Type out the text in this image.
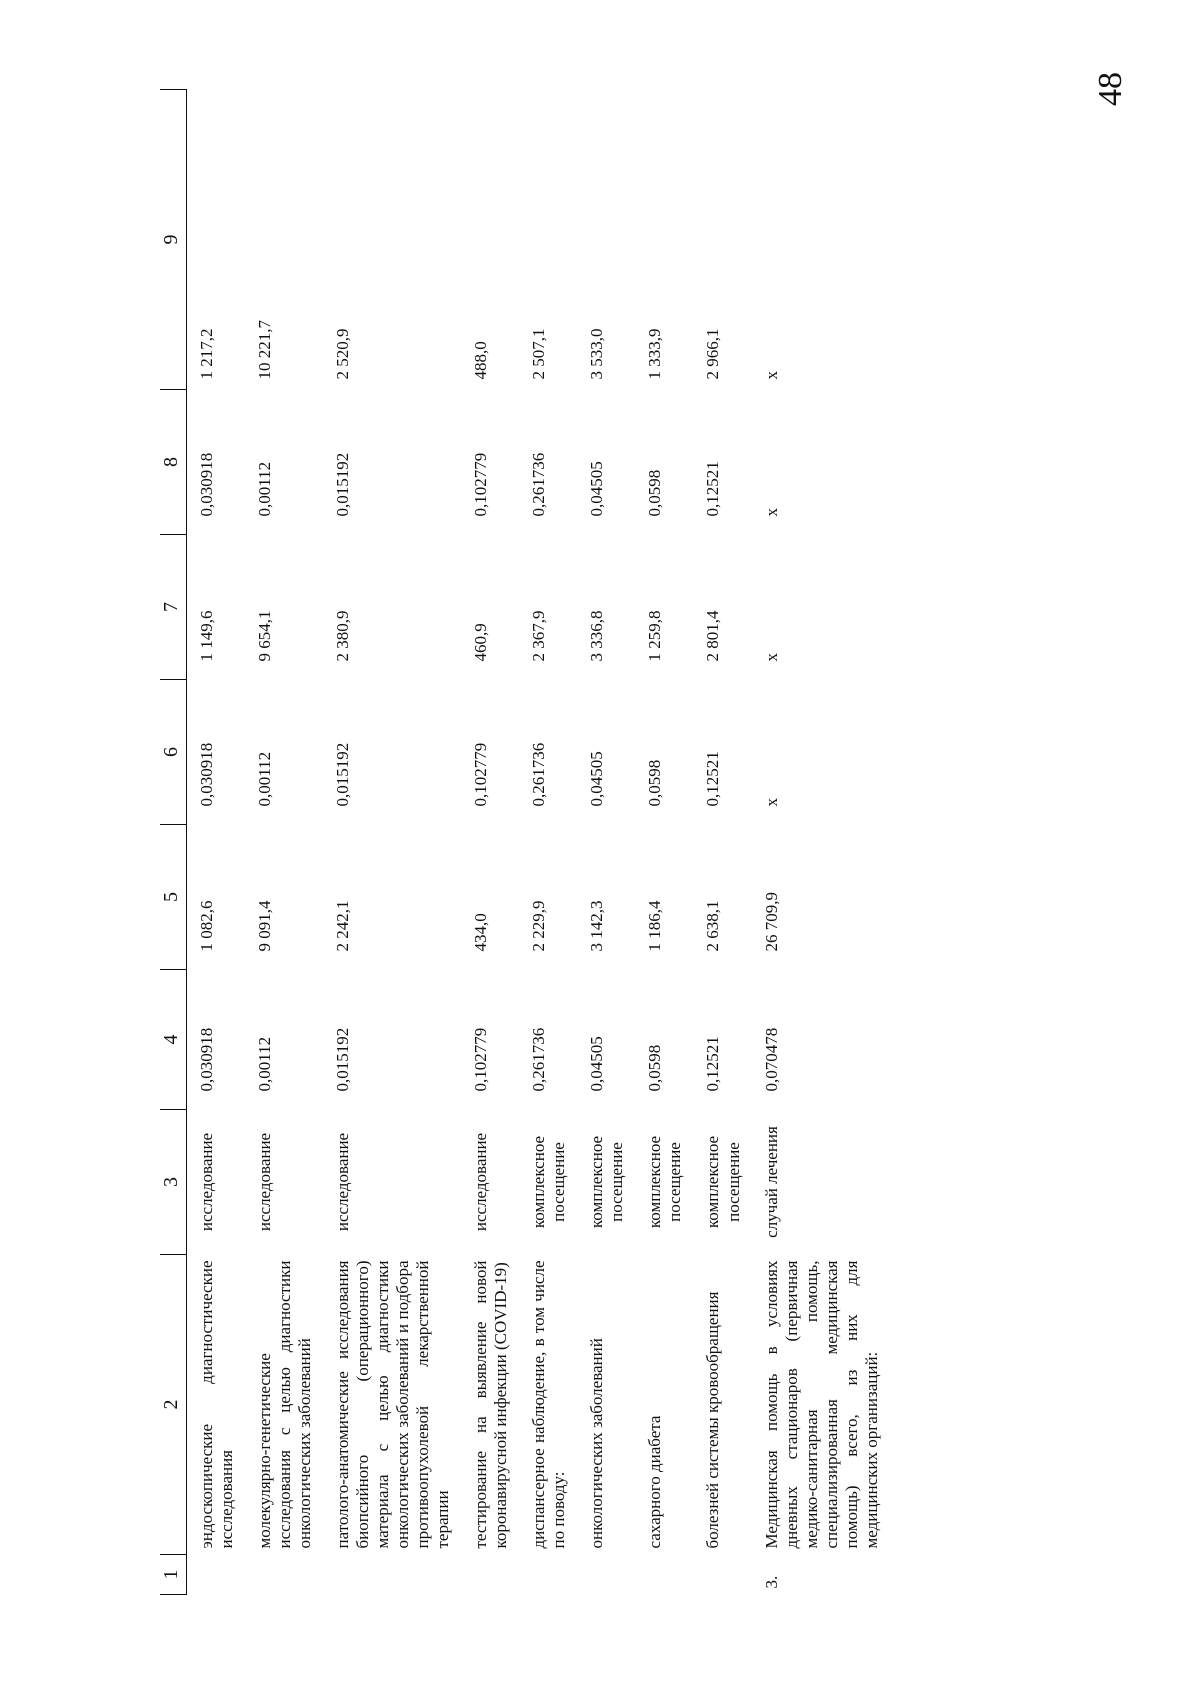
48
1	2	3	4	5	6	7	8	9
	эндоскопические диагностические исследования	исследование	0,030918	1 082,6	0,030918	1 149,6	0,030918	1 217,2
	молекулярно-генетические исследования с целью диагностики онкологических заболеваний	исследование	0,00112	9 091,4	0,00112	9 654,1	0,00112	10 221,7
	патолого-анатомические исследования биопсийного (операционного) материала с целью диагностики онкологических заболеваний и подбора противоопухолевой лекарственной терапии	исследование	0,015192	2 242,1	0,015192	2 380,9	0,015192	2 520,9
	тестирование на выявление новой коронавирусной инфекции (COVID-19)	исследование	0,102779	434,0	0,102779	460,9	0,102779	488,0
	диспансерное наблюдение, в том числе по поводу:	комплексное посещение	0,261736	2 229,9	0,261736	2 367,9	0,261736	2 507,1
	онкологических заболеваний	комплексное посещение	0,04505	3 142,3	0,04505	3 336,8	0,04505	3 533,0
	сахарного диабета	комплексное посещение	0,0598	1 186,4	0,0598	1 259,8	0,0598	1 333,9
	болезней системы кровообращения	комплексное посещение	0,12521	2 638,1	0,12521	2 801,4	0,12521	2 966,1
3.	Медицинская помощь в условиях дневных стационаров (первичная медико-санитарная помощь, специализированная медицинская помощь) всего, из них для медицинских организаций:	случай лечения	0,070478	26 709,9	х	х	х	х
